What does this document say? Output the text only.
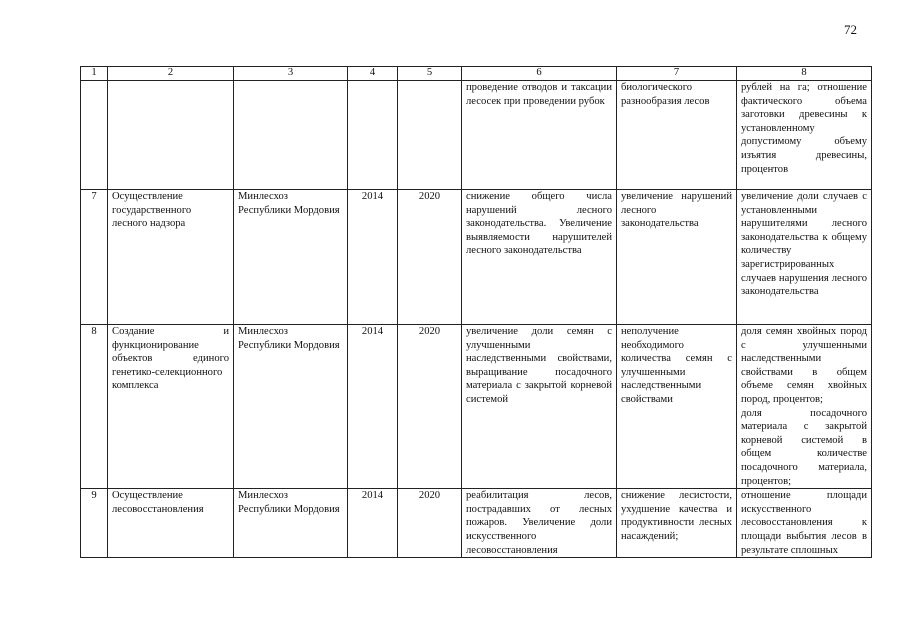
72
1	2	3	4	5	6	7	8
					проведение отводов и таксации лесосек при проведении рубок	биологического разнообразия лесов	рублей на га; отношение фактического объема заготовки древесины к установленному допустимому объему изъятия древесины, процентов
7	Осуществление государственного лесного надзора	Минлесхоз Республики Мордовия	2014	2020	снижение общего числа нарушений лесного законодательства. Увеличение выявляемости нарушителей лесного законодательства	увеличение нарушений лесного законодательства	увеличение доли случаев с установленными нарушителями лесного законодательства к общему количеству зарегистрированных случаев нарушения лесного законодательства
8	Создание и функционирование объектов единого генетико-селекционного комплекса	Минлесхоз Республики Мордовия	2014	2020	увеличение доли семян с улучшенными наследственными свойствами, выращивание посадочного материала с закрытой корневой системой	неполучение необходимого количества семян с улучшенными наследственными свойствами	доля семян хвойных пород с улучшенными наследственными свойствами в общем объеме семян хвойных пород, процентов;
доля посадочного материала с закрытой корневой системой в общем количестве посадочного материала, процентов;
9	Осуществление лесовосстановления	Минлесхоз Республики Мордовия	2014	2020	реабилитация лесов, пострадавших от лесных пожаров. Увеличение доли искусственного лесовосстановления	снижение лесистости, ухудшение качества и продуктивности лесных насаждений;	отношение площади искусственного лесовосстановления к площади выбытия лесов в результате сплошных
